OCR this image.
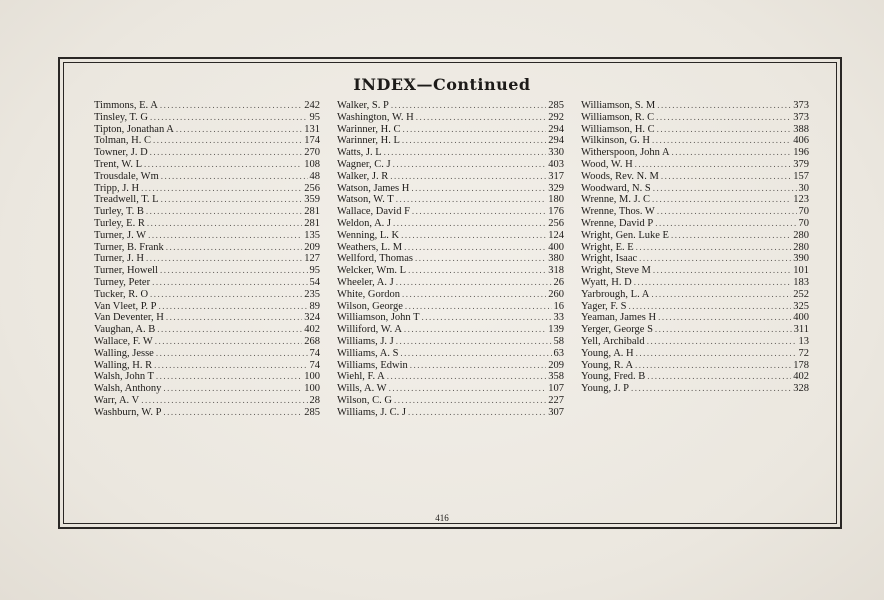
INDEX—Continued
Timmons, E. A .....	242
Tinsley, T. G .....	95
Tipton, Jonathan A .....	131
Tolman, H. C .....	174
Towner, J. D .....	270
Trent, W. L .....	108
Trousdale, Wm .....	48
Tripp, J. H .....	256
Treadwell, T. L .....	359
Turley, T. B .....	281
Turley, E. R .....	281
Turner, J. W .....	135
Turner, B. Frank .....	209
Turner, J. H .....	127
Turner, Howell .....	95
Turney, Peter .....	54
Tucker, R. O .....	235
Van Vleet, P. P .....	89
Van Deventer, H .....	324
Vaughan, A. B .....	402
Wallace, F. W .....	268
Walling, Jesse .....	74
Walling, H. R .....	74
Walsh, John T .....	100
Walsh, Anthony .....	100
Warr, A. V .....	28
Washburn, W. P .....	285
Walker, S. P .....	285
Washington, W. H .....	292
Warinner, H. C .....	294
Warinner, H. L .....	294
Watts, J. L .....	330
Wagner, C. J .....	403
Walker, J. R .....	317
Watson, James H .....	329
Watson, W. T .....	180
Wallace, David F .....	176
Weldon, A. J .....	256
Wenning, L. K .....	124
Weathers, L. M .....	400
Wellford, Thomas .....	380
Welcker, Wm. L .....	318
Wheeler, A. J .....	26
White, Gordon .....	260
Wilson, George .....	16
Williamson, John T .....	33
Williford, W. A .....	139
Williams, J. J .....	58
Williams, A. S .....	63
Williams, Edwin .....	209
Wiehl, F. A .....	358
Wills, A. W .....	107
Wilson, C. G .....	227
Williams, J. C. J .....	307
Williamson, S. M .....	373
Williamson, R. C .....	373
Williamson, H. C .....	388
Wilkinson, G. H .....	406
Witherspoon, John A .....	196
Wood, W. H .....	379
Woods, Rev. N. M .....	157
Woodward, N. S .....	30
Wrenne, M. J. C .....	123
Wrenne, Thos. W .....	70
Wrenne, David P .....	70
Wright, Gen. Luke E .....	280
Wright, E. E .....	280
Wright, Isaac .....	390
Wright, Steve M .....	101
Wyatt, H. D .....	183
Yarbrough, L. A .....	252
Yager, F. S .....	325
Yeaman, James H .....	400
Yerger, George S .....	311
Yell, Archibald .....	13
Young, A. H .....	72
Young, R. A .....	178
Young, Fred. B .....	402
Young, J. P .....	328
416
